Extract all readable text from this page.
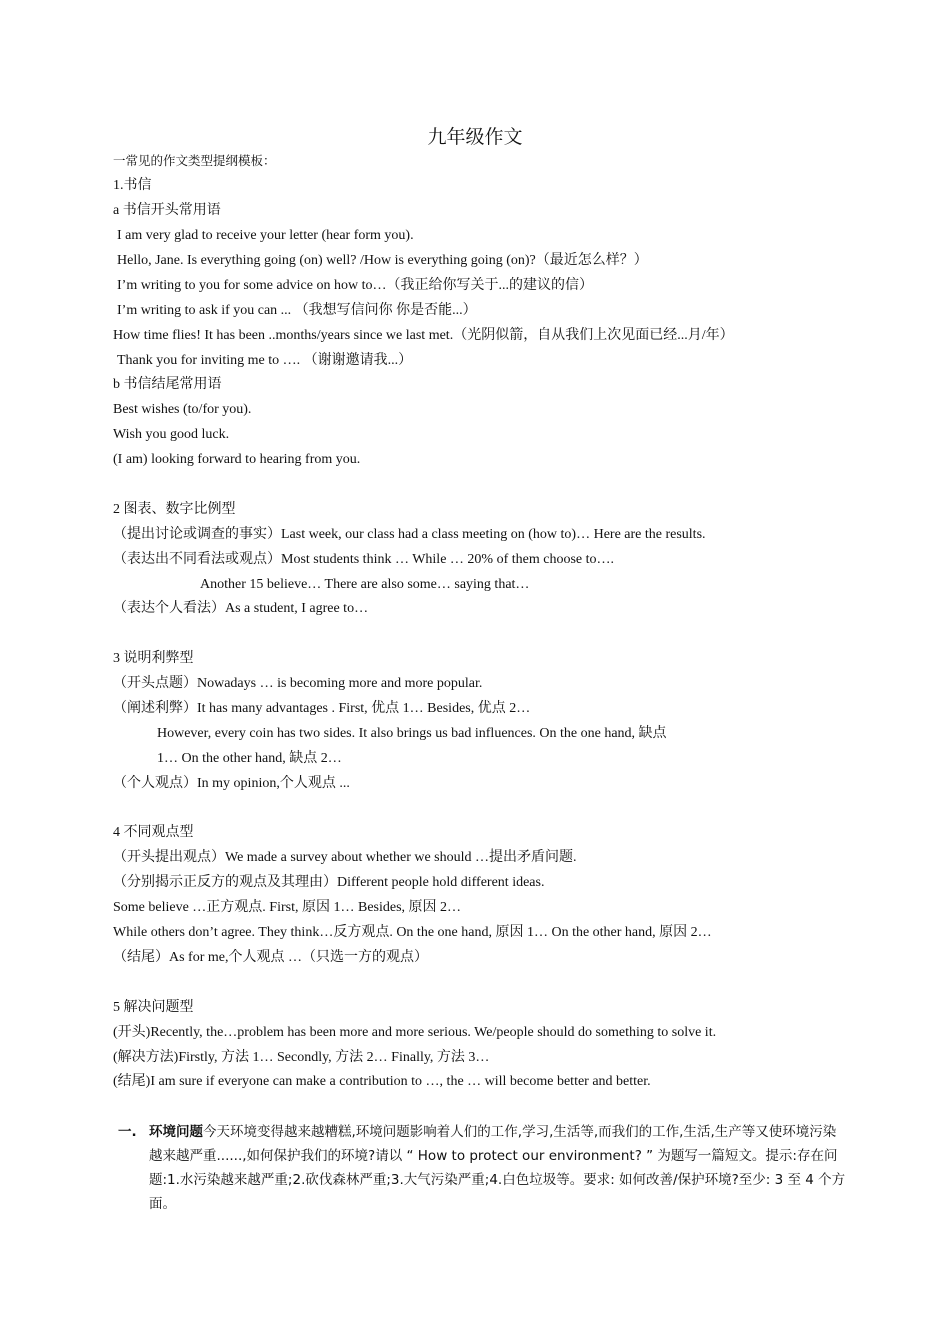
九年级作文
一常见的作文类型提纲模板：
1.书信
a 书信开头常用语
I am very glad to receive your letter (hear form you).
Hello, Jane. Is everything going (on) well? /How is everything going (on)?（最近怎么样？）
I’m writing to you for some advice on how to…（我正给你写关于...的建议的信）
I’m writing to ask if you can ... （我想写信问你 你是否能...）
How time flies! It has been ..months/years since we last met.（光阴似箭，自从我们上次见面已经...月/年）
Thank you for inviting me to …. （谢谢邀请我...）
b 书信结尾常用语
Best wishes (to/for you).
Wish you good luck.
(I am) looking forward to hearing from you.
2 图表、数字比例型
（提出讨论或调查的事实）Last week, our class had a class meeting on (how to)… Here are the results.
（表达出不同看法或观点）Most students think … While … 20% of them choose to….
Another 15 believe… There are also some… saying that…
（表达个人看法）As a student, I agree to…
3 说明利弊型
（开头点题）Nowadays … is becoming more and more popular.
（阐述利弊）It has many advantages . First, 优点 1… Besides, 优点 2…
However, every coin has two sides. It also brings us bad influences. On the one hand, 缺点
1… On the other hand, 缺点 2…
（个人观点）In my opinion,个人观点 ...
4 不同观点型
（开头提出观点）We made a survey about whether we should …提出矛盾问题.
（分别揭示正反方的观点及其理由）Different people hold different ideas.
Some believe …正方观点. First, 原因 1… Besides, 原因 2…
While others don’t agree. They think…反方观点. On the one hand, 原因 1… On the other hand, 原因 2…
（结尾）As for me,个人观点 …（只选一方的观点）
5 解决问题型
(开头)Recently, the…problem has been more and more serious. We/people should do something to solve it.
(解决方法)Firstly, 方法 1… Secondly, 方法 2… Finally, 方法 3…
(结尾)I am sure if everyone can make a contribution to …, the … will become better and better.
一. 环境问题今天环境变得越来越糟糕,环境问题影响着人们的工作,学习,生活等,而我们的工作,生活,生产等又使环境污染越来越严重......,如何保护我们的环境?请以 “ How to protect our environment? ” 为题写一篇短文。提示:存在问题:1.水污染越来越严重;2.砍伐森林严重;3.大气污染严重;4.白色垃圾等。要求: 如何改善/保护环境?至少: 3 至 4 个方面。
